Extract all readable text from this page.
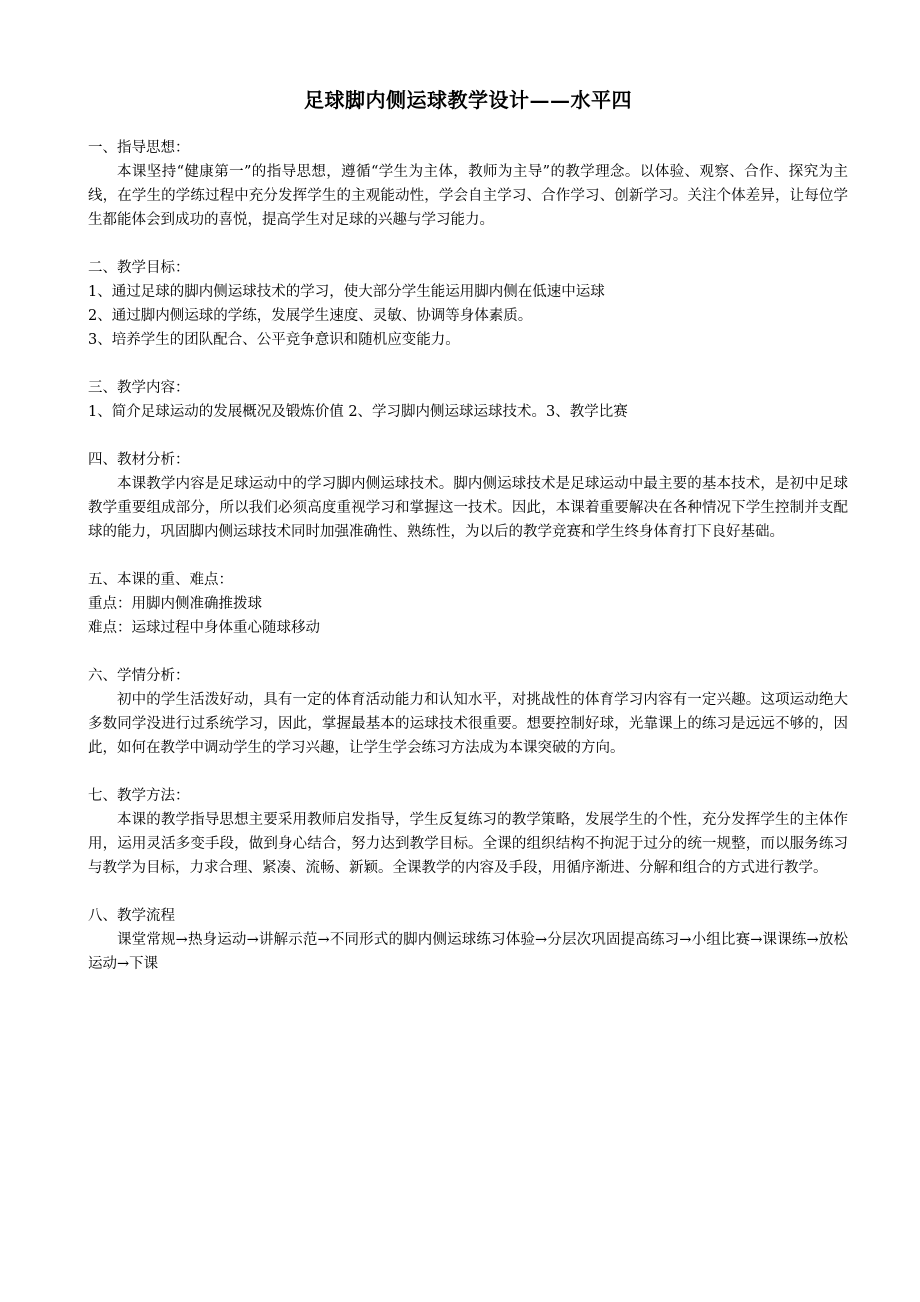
足球脚内侧运球教学设计——水平四

一、指导思想：

本课坚持“健康第一”的指导思想，遵循“学生为主体，教师为主导”的教学理念。以体验、观察、合作、探究为主线，在学生的学练过程中充分发挥学生的主观能动性，学会自主学习、合作学习、创新学习。关注个体差异，让每位学生都能体会到成功的喜悦，提高学生对足球的兴趣与学习能力。

二、教学目标：

1、通过足球的脚内侧运球技术的学习，使大部分学生能运用脚内侧在低速中运球

2、通过脚内侧运球的学练，发展学生速度、灵敏、协调等身体素质。

3、培养学生的团队配合、公平竞争意识和随机应变能力。

三、教学内容：

1、简介足球运动的发展概况及锻炼价值 2、学习脚内侧运球运球技术。3、教学比赛

四、教材分析：

本课教学内容是足球运动中的学习脚内侧运球技术。脚内侧运球技术是足球运动中最主要的基本技术，是初中足球教学重要组成部分，所以我们必须高度重视学习和掌握这一技术。因此，本课着重要解决在各种情况下学生控制并支配球的能力，巩固脚内侧运球技术同时加强准确性、熟练性，为以后的教学竞赛和学生终身体育打下良好基础。

五、本课的重、难点：

重点：用脚内侧准确推拨球

难点：运球过程中身体重心随球移动

六、学情分析：

初中的学生活泼好动，具有一定的体育活动能力和认知水平，对挑战性的体育学习内容有一定兴趣。这项运动绝大多数同学没进行过系统学习，因此，掌握最基本的运球技术很重要。想要控制好球，光靠课上的练习是远远不够的，因此，如何在教学中调动学生的学习兴趣，让学生学会练习方法成为本课突破的方向。

七、教学方法：

本课的教学指导思想主要采用教师启发指导，学生反复练习的教学策略，发展学生的个性，充分发挥学生的主体作用，运用灵活多变手段，做到身心结合，努力达到教学目标。全课的组织结构不拘泥于过分的统一规整，而以服务练习与教学为目标，力求合理、紧凑、流畅、新颖。全课教学的内容及手段，用循序渐进、分解和组合的方式进行教学。

八、教学流程

课堂常规→热身运动→讲解示范→不同形式的脚内侧运球练习体验→分层次巩固提高练习→小组比赛→课课练→放松运动→下课
